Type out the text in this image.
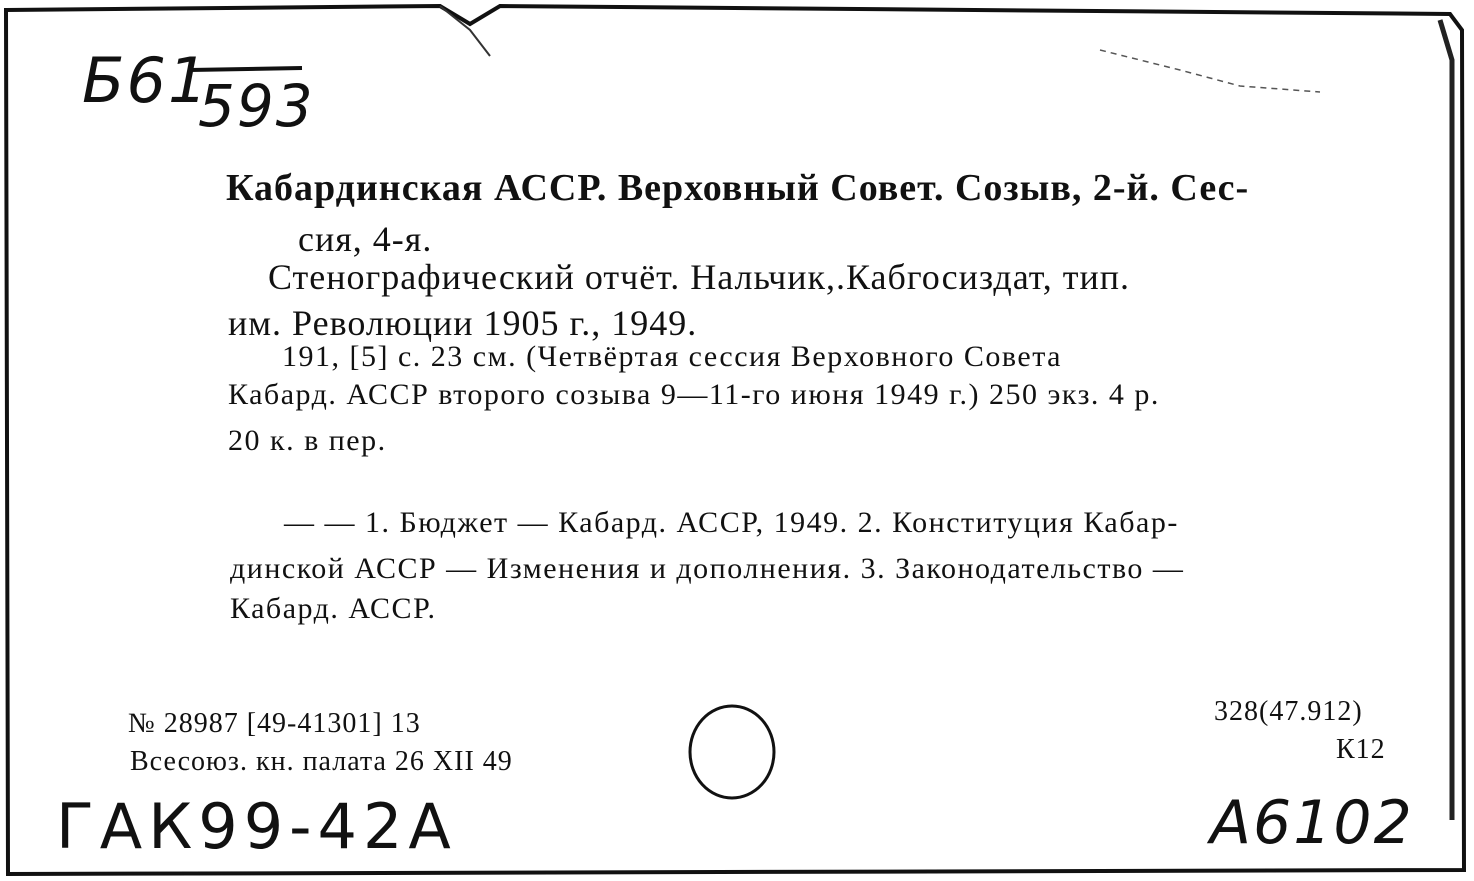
Б61
593
Кабардинская АССР. Верховный Совет. Созыв, 2-й. Сес-
сия, 4-я.
Стенографический отчёт. Нальчик,.Кабгосиздат, тип.
им. Революции 1905 г., 1949.
191, [5] с. 23 см. (Четвёртая сессия Верховного Совета
Кабард. АССР второго созыва 9—11-го июня 1949 г.) 250 экз. 4 р.
20 к. в пер.
— — 1. Бюджет — Кабард. АССР, 1949. 2. Конституция Кабар-
динской АССР — Изменения и дополнения. 3. Законодательство —
Кабард. АССР.
№ 28987 [49-41301] 13
Всесоюз. кн. палата 26 XII 49
328(47.912)
К12
ГАК99-42А	А6102
